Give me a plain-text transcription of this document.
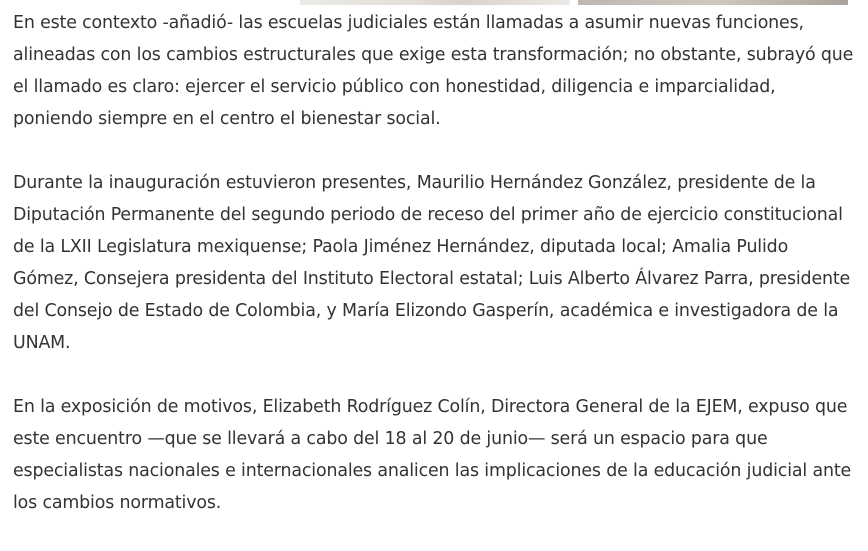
En este contexto -añadió- las escuelas judiciales están llamadas a asumir nuevas funciones, alineadas con los cambios estructurales que exige esta transformación; no obstante, subrayó que el llamado es claro: ejercer el servicio público con honestidad, diligencia e imparcialidad, poniendo siempre en el centro el bienestar social.

Durante la inauguración estuvieron presentes, Maurilio Hernández González, presidente de la Diputación Permanente del segundo periodo de receso del primer año de ejercicio constitucional de la LXII Legislatura mexiquense; Paola Jiménez Hernández, diputada local; Amalia Pulido Gómez, Consejera presidenta del Instituto Electoral estatal; Luis Alberto Álvarez Parra, presidente del Consejo de Estado de Colombia, y María Elizondo Gasperín, académica e investigadora de la UNAM.

En la exposición de motivos, Elizabeth Rodríguez Colín, Directora General de la EJEM, expuso que este encuentro —que se llevará a cabo del 18 al 20 de junio— será un espacio para que especialistas nacionales e internacionales analicen las implicaciones de la educación judicial ante los cambios normativos.
